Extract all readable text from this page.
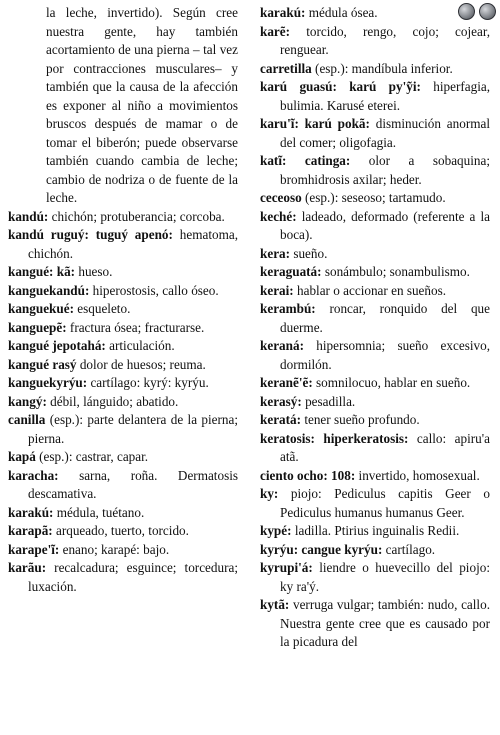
la leche, invertido). Según cree nuestra gente, hay también acortamiento de una pierna – tal vez por contracciones musculares– y también que la causa de la afección es exponer al niño a movimientos bruscos después de mamar o de tomar el biberón; puede observarse también cuando cambia de leche; cambio de nodriza o de fuente de la leche.
kandú: chichón; protuberancia; corcoba.
kandú ruguý: tuguý apenó: hematoma, chichón.
kangué: kã: hueso.
kanguekandú: hiperostosis, callo óseo.
kanguekué: esqueleto.
kanguepẽ: fractura ósea; fracturarse.
kangué jepotahá: articulación.
kangué rasý dolor de huesos; reuma.
kanguekyrýu: cartílago: kyrý: kyrýu.
kangý: débil, lánguido; abatido.
canilla (esp.): parte delantera de la pierna; pierna.
kapá (esp.): castrar, capar.
karacha: sarna, roña. Dermatosis descamativa.
karakú: médula, tuétano.
karapã: arqueado, tuerto, torcido.
karape'ĩ: enano; karapé: bajo.
karãu: recalcadura; esguince; torcedura; luxación.
karakú: médula ósea.
karẽ: torcido, rengo, cojo; cojear, renguear.
carretilla (esp.): mandíbula inferior.
karú guasú: karú py'ỹi: hiperfagia, bulimia. Karusé eterei.
karu'ĩ: karú pokã: disminución anormal del comer; oligofagia.
katĩ: catinga: olor a sobaquina; bromhidrosis axilar; heder.
ceceoso (esp.): seseoso; tartamudo.
keché: ladeado, deformado (referente a la boca).
kera: sueño.
keraguatá: sonámbulo; sonambulismo.
kerai: hablar o accionar en sueños.
kerambú: roncar, ronquido del que duerme.
keraná: hipersomnia; sueño excesivo, dormilón.
keranẽ'ẽ: somnilocuo, hablar en sueño.
kerasý: pesadilla.
keratá: tener sueño profundo.
keratosis: hiperkeratosis: callo: apiru'a atã.
ciento ocho: 108: invertido, homosexual.
ky: piojo: Pediculus capitis Geer o Pediculus humanus humanus Geer.
kypé: ladilla. Ptirius inguinalis Redii.
kyrýu: cangue kyrýu: cartílago.
kyrupi'á: liendre o huevecillo del piojo: ky ra'ý.
kytã: verruga vulgar; también: nudo, callo. Nuestra gente cree que es causado por la picadura del
